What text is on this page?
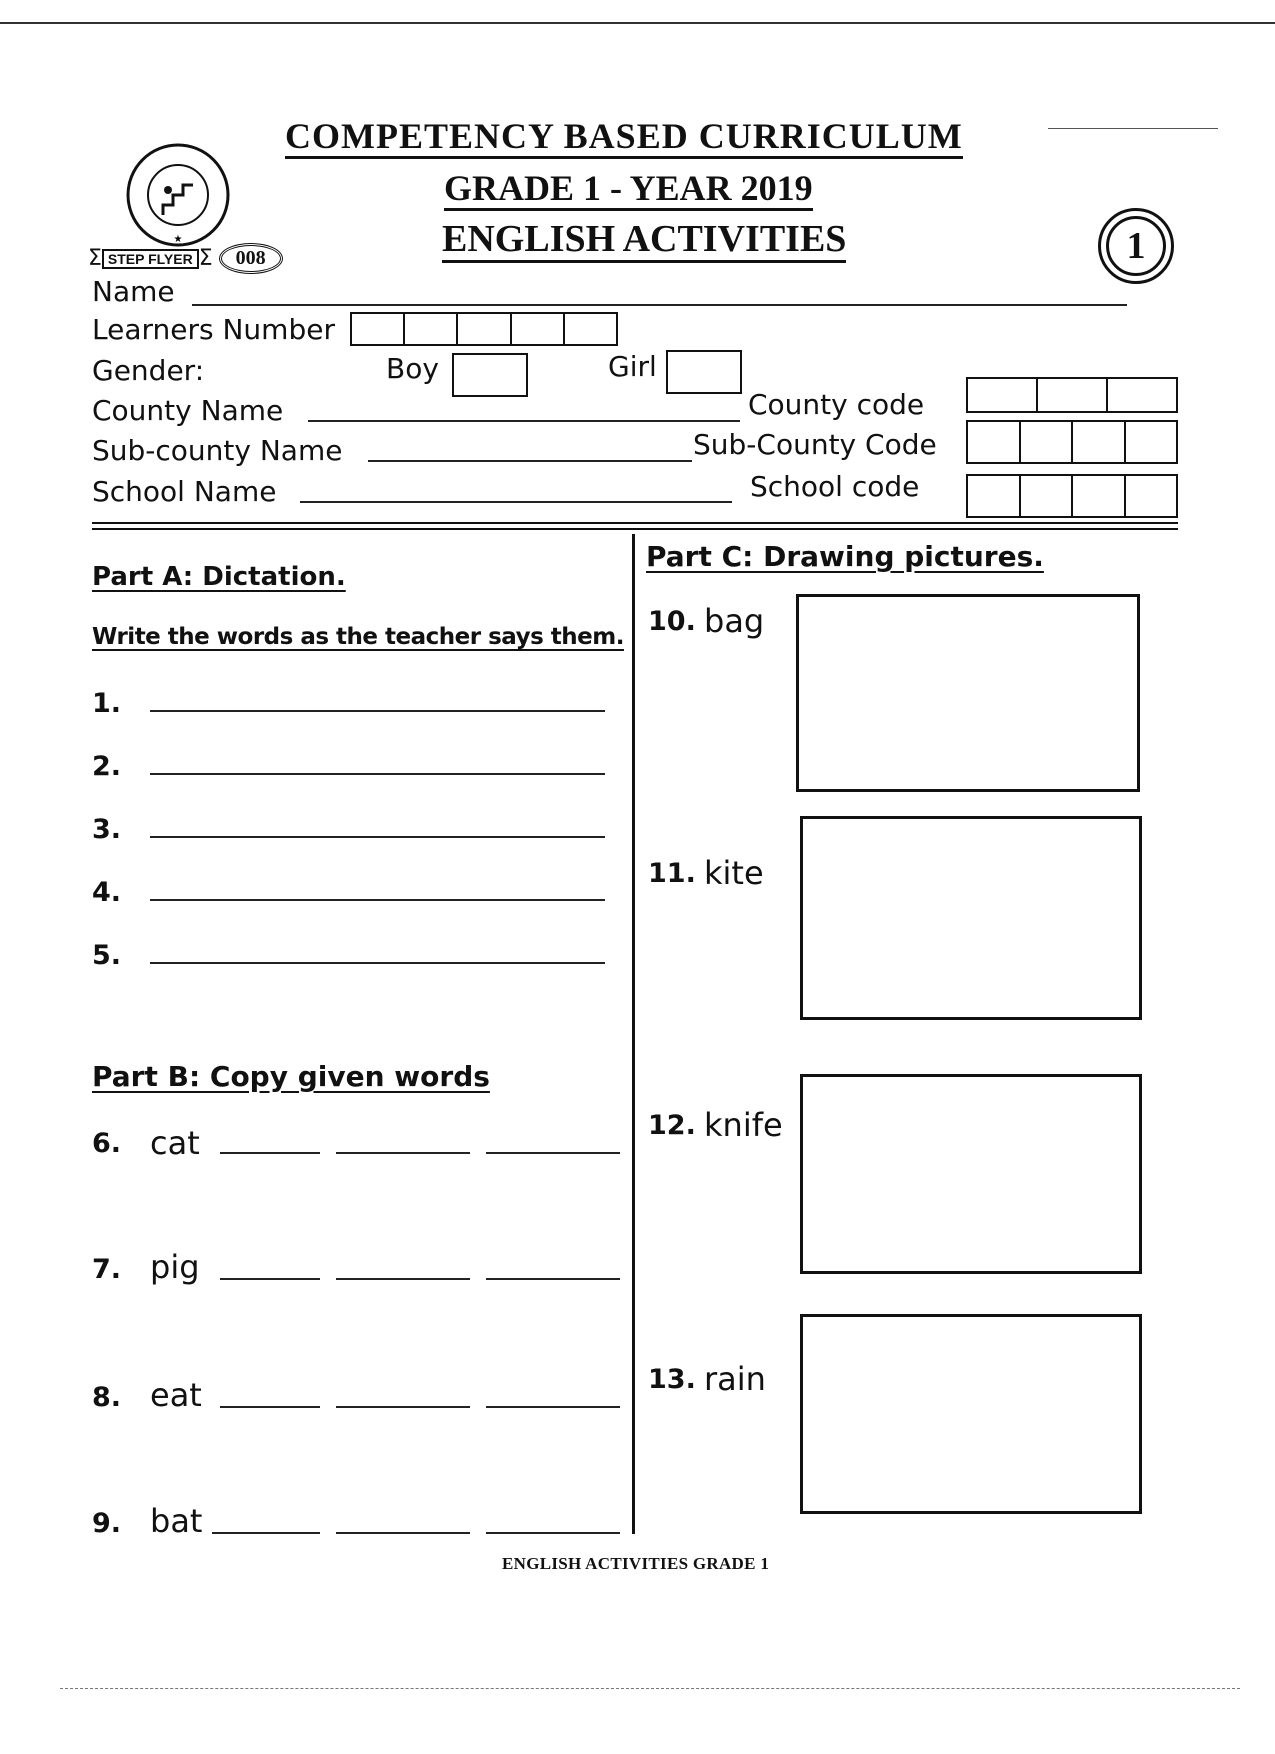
★
Σ STEP FLYER Σ	008
COMPETENCY BASED CURRICULUM
GRADE 1 - YEAR 2019
ENGLISH ACTIVITIES	1
Name
Learners Number
Gender:	Boy	Girl
County Name	County code
Sub-county Name	Sub-County Code
School Name	School code
Part A: Dictation.
Write the words as the teacher says them.
1.
2.
3.
4.
5.
Part B: Copy given words
6. cat
7. pig
8. eat
9. bat
Part C: Drawing pictures.
10. bag
11. kite
12. knife
13. rain
ENGLISH ACTIVITIES GRADE 1
